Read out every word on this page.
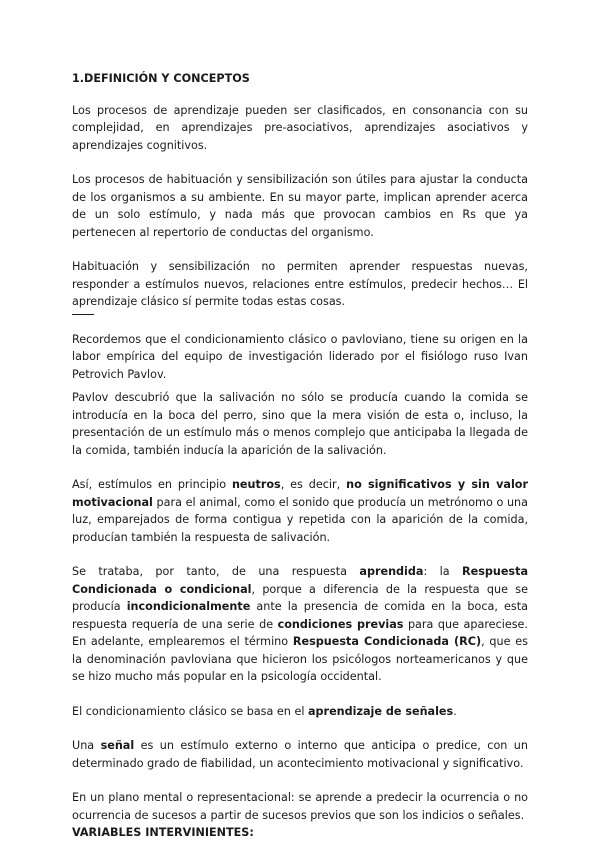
1.DEFINICIÓN Y CONCEPTOS

Los procesos de aprendizaje pueden ser clasificados, en consonancia con su complejidad, en aprendizajes pre-asociativos, aprendizajes asociativos y aprendizajes cognitivos.

Los procesos de habituación y sensibilización son útiles para ajustar la conducta de los organismos a su ambiente. En su mayor parte, implican aprender acerca de un solo estímulo, y nada más que provocan cambios en Rs que ya pertenecen al repertorio de conductas del organismo.

Habituación y sensibilización no permiten aprender respuestas nuevas, responder a estímulos nuevos, relaciones entre estímulos, predecir hechos… El aprendizaje clásico sí permite todas estas cosas.

Recordemos que el condicionamiento clásico o pavloviano, tiene su origen en la labor empírica del equipo de investigación liderado por el fisiólogo ruso Ivan Petrovich Pavlov.

Pavlov descubrió que la salivación no sólo se producía cuando la comida se introducía en la boca del perro, sino que la mera visión de esta o, incluso, la presentación de un estímulo más o menos complejo que anticipaba la llegada de la comida, también inducía la aparición de la salivación.

Así, estímulos en principio neutros, es decir, no significativos y sin valor motivacional para el animal, como el sonido que producía un metrónomo o una luz, emparejados de forma contigua y repetida con la aparición de la comida, producían también la respuesta de salivación.

Se trataba, por tanto, de una respuesta aprendida: la Respuesta Condicionada o condicional, porque a diferencia de la respuesta que se producía incondicionalmente ante la presencia de comida en la boca, esta respuesta requería de una serie de condiciones previas para que apareciese. En adelante, emplearemos el término Respuesta Condicionada (RC), que es la denominación pavloviana que hicieron los psicólogos norteamericanos y que se hizo mucho más popular en la psicología occidental.

El condicionamiento clásico se basa en el aprendizaje de señales.

Una señal es un estímulo externo o interno que anticipa o predice, con un determinado grado de fiabilidad, un acontecimiento motivacional y significativo.

En un plano mental o representacional: se aprende a predecir la ocurrencia o no ocurrencia de sucesos a partir de sucesos previos que son los indicios o señales.

VARIABLES INTERVINIENTES:
